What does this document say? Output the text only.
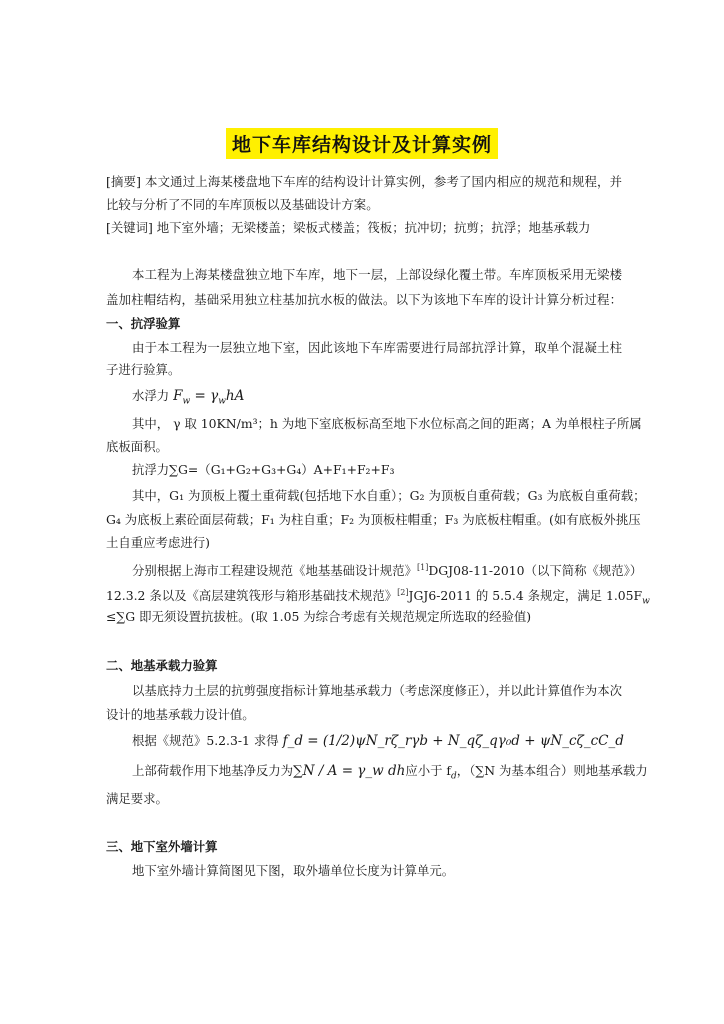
地下车库结构设计及计算实例
[摘要] 本文通过上海某楼盘地下车库的结构设计计算实例，参考了国内相应的规范和规程，并
比较与分析了不同的车库顶板以及基础设计方案。
[关键词] 地下室外墙；无梁楼盖；梁板式楼盖；筏板；抗冲切；抗剪；抗浮；地基承载力
本工程为上海某楼盘独立地下车库，地下一层，上部设绿化覆土带。车库顶板采用无梁楼
盖加柱帽结构，基础采用独立柱基加抗水板的做法。以下为该地下车库的设计计算分析过程：
一、抗浮验算
由于本工程为一层独立地下室，因此该地下车库需要进行局部抗浮计算，取单个混凝土柱
子进行验算。
水浮力 $F_w = \gamma_whA$
其中， γ 取 10KN/m³；h 为地下室底板标高至地下水位标高之间的距离；A 为单根柱子所属
底板面积。
抗浮力∑G=（G₁+G₂+G₃+G₄）A+F₁+F₂+F₃
其中，G₁ 为顶板上覆土重荷载(包括地下水自重）；G₂ 为顶板自重荷载；G₃ 为底板自重荷载；
G₄ 为底板上素砼面层荷载；F₁ 为柱自重；F₂ 为顶板柱帽重；F₃ 为底板柱帽重。(如有底板外挑压
土自重应考虑进行)
分别根据上海市工程建设规范《地基基础设计规范》[1]DGJ08-11-2010（以下简称《规范》）
12.3.2 条以及《高层建筑筏形与箱形基础技术规范》[2]JGJ6-2011 的 5.5.4 条规定，满足 $1.05F_w$
≤∑G 即无须设置抗拔桩。(取 1.05 为综合考虑有关规范规定所选取的经验值)
二、地基承载力验算
以基底持力土层的抗剪强度指标计算地基承载力（考虑深度修正），并以此计算值作为本次
设计的地基承载力设计值。
根据《规范》5.2.3-1 求得 f_d = (1/2)ψN_rζ_rγb + N_qζ_qγ₀d + ψN_cζ_cC_d
上部荷载作用下地基净反力为∑N / A = γ_w dh应小于 $f_d$，（∑N 为基本组合）则地基承载力
满足要求。
三、地下室外墙计算
地下室外墙计算简图见下图，取外墙单位长度为计算单元。
